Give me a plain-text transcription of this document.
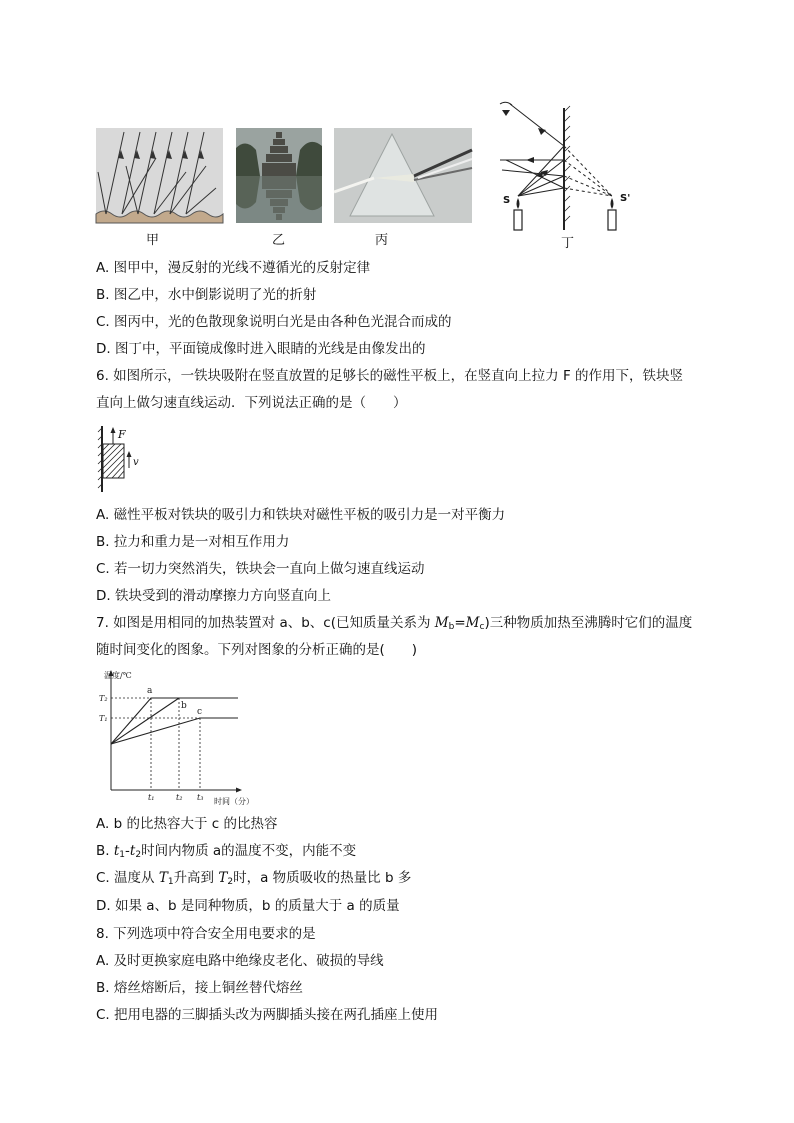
甲	乙	丙
S	S'
丁
A. 图甲中，漫反射的光线不遵循光的反射定律
B. 图乙中，水中倒影说明了光的折射
C. 图丙中，光的色散现象说明白光是由各种色光混合而成的
D. 图丁中，平面镜成像时进入眼睛的光线是由像发出的
6. 如图所示，一铁块吸附在竖直放置的足够长的磁性平板上，在竖直向上拉力 F 的作用下，铁块竖
直向上做匀速直线运动．下列说法正确的是（　　）
F
v
A. 磁性平板对铁块的吸引力和铁块对磁性平板的吸引力是一对平衡力
B. 拉力和重力是一对相互作用力
C. 若一切力突然消失，铁块会一直向上做匀速直线运动
D. 铁块受到的滑动摩擦力方向竖直向上
7. 如图是用相同的加热装置对 a、b、c(已知质量关系为 $M_b=M_c$)三种物质加热至沸腾时它们的温度
随时间变化的图象。下列对图象的分析正确的是(　　)
温度/℃
时间（分）
a
b
c
T₂
T₁
t₁	t₂ t₃
A. b 的比热容大于 c 的比热容
B. $t_1-t_2$时间内物质 a的温度不变，内能不变
C. 温度从 $T_1$升高到 $T_2$时，a 物质吸收的热量比 b 多
D. 如果 a、b 是同种物质，b 的质量大于 a 的质量
8. 下列选项中符合安全用电要求的是
A. 及时更换家庭电路中绝缘皮老化、破损的导线
B. 熔丝熔断后，接上铜丝替代熔丝
C. 把用电器的三脚插头改为两脚插头接在两孔插座上使用
